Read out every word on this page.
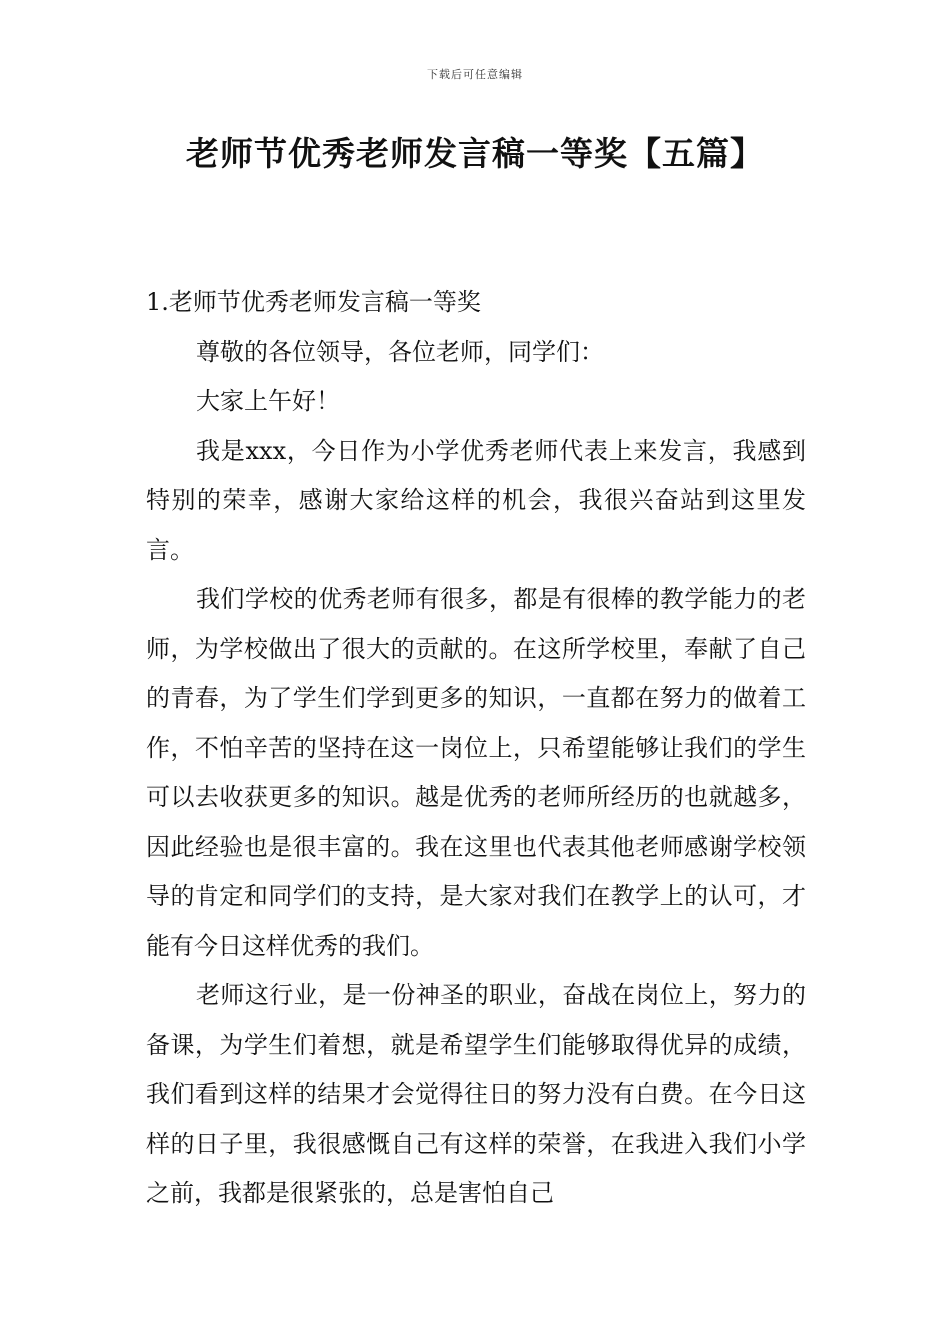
下载后可任意编辑
老师节优秀老师发言稿一等奖【五篇】

1.老师节优秀老师发言稿一等奖

尊敬的各位领导，各位老师，同学们：

大家上午好！

我是xxx，今日作为小学优秀老师代表上来发言，我感到特别的荣幸，感谢大家给这样的机会，我很兴奋站到这里发言。

我们学校的优秀老师有很多，都是有很棒的教学能力的老师，为学校做出了很大的贡献的。在这所学校里，奉献了自己的青春，为了学生们学到更多的知识，一直都在努力的做着工作，不怕辛苦的坚持在这一岗位上，只希望能够让我们的学生可以去收获更多的知识。越是优秀的老师所经历的也就越多，因此经验也是很丰富的。我在这里也代表其他老师感谢学校领导的肯定和同学们的支持，是大家对我们在教学上的认可，才能有今日这样优秀的我们。

老师这行业，是一份神圣的职业，奋战在岗位上，努力的备课，为学生们着想，就是希望学生们能够取得优异的成绩，我们看到这样的结果才会觉得往日的努力没有白费。在今日这样的日子里，我很感慨自己有这样的荣誉，在我进入我们小学之前，我都是很紧张的，总是害怕自己
